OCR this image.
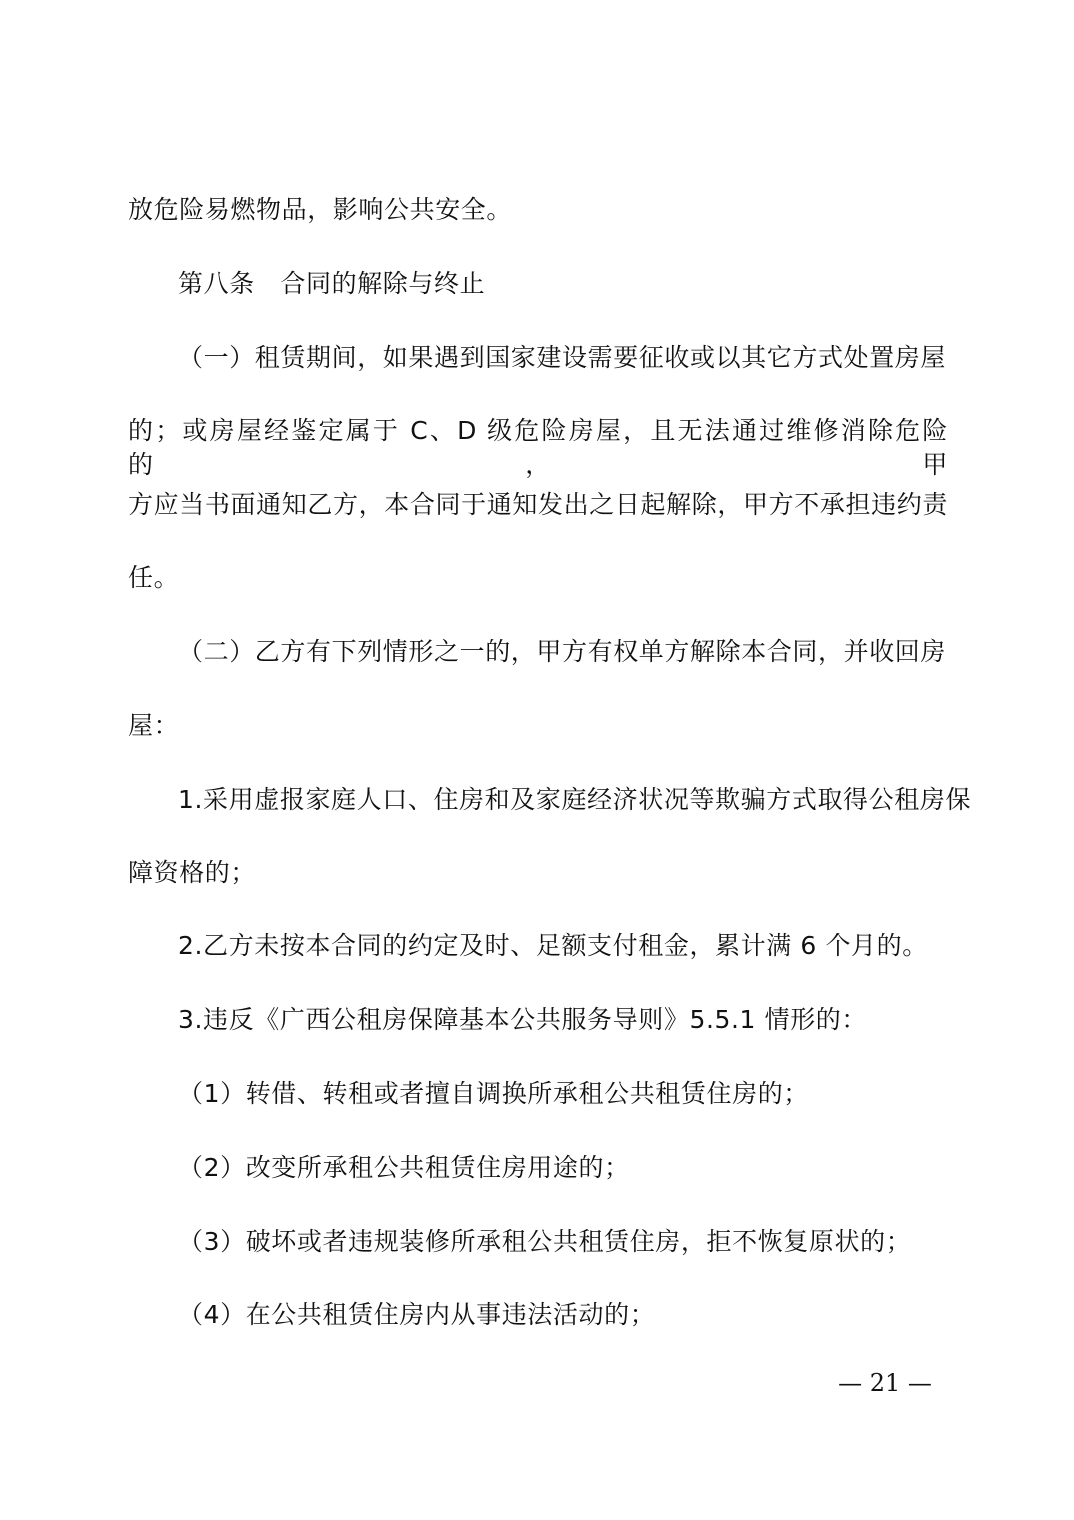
放危险易燃物品，影响公共安全。
第八条　合同的解除与终止
（一）租赁期间，如果遇到国家建设需要征收或以其它方式处置房屋
的；或房屋经鉴定属于 C、D 级危险房屋，且无法通过维修消除危险的，甲
方应当书面通知乙方，本合同于通知发出之日起解除，甲方不承担违约责
任。
（二）乙方有下列情形之一的，甲方有权单方解除本合同，并收回房
屋：
1.采用虚报家庭人口、住房和及家庭经济状况等欺骗方式取得公租房保
障资格的；
2.乙方未按本合同的约定及时、足额支付租金，累计满 6 个月的。
3.违反《广西公租房保障基本公共服务导则》5.5.1 情形的：
（1）转借、转租或者擅自调换所承租公共租赁住房的；
（2）改变所承租公共租赁住房用途的；
（3）破坏或者违规装修所承租公共租赁住房，拒不恢复原状的；
（4）在公共租赁住房内从事违法活动的；
— 21 —
